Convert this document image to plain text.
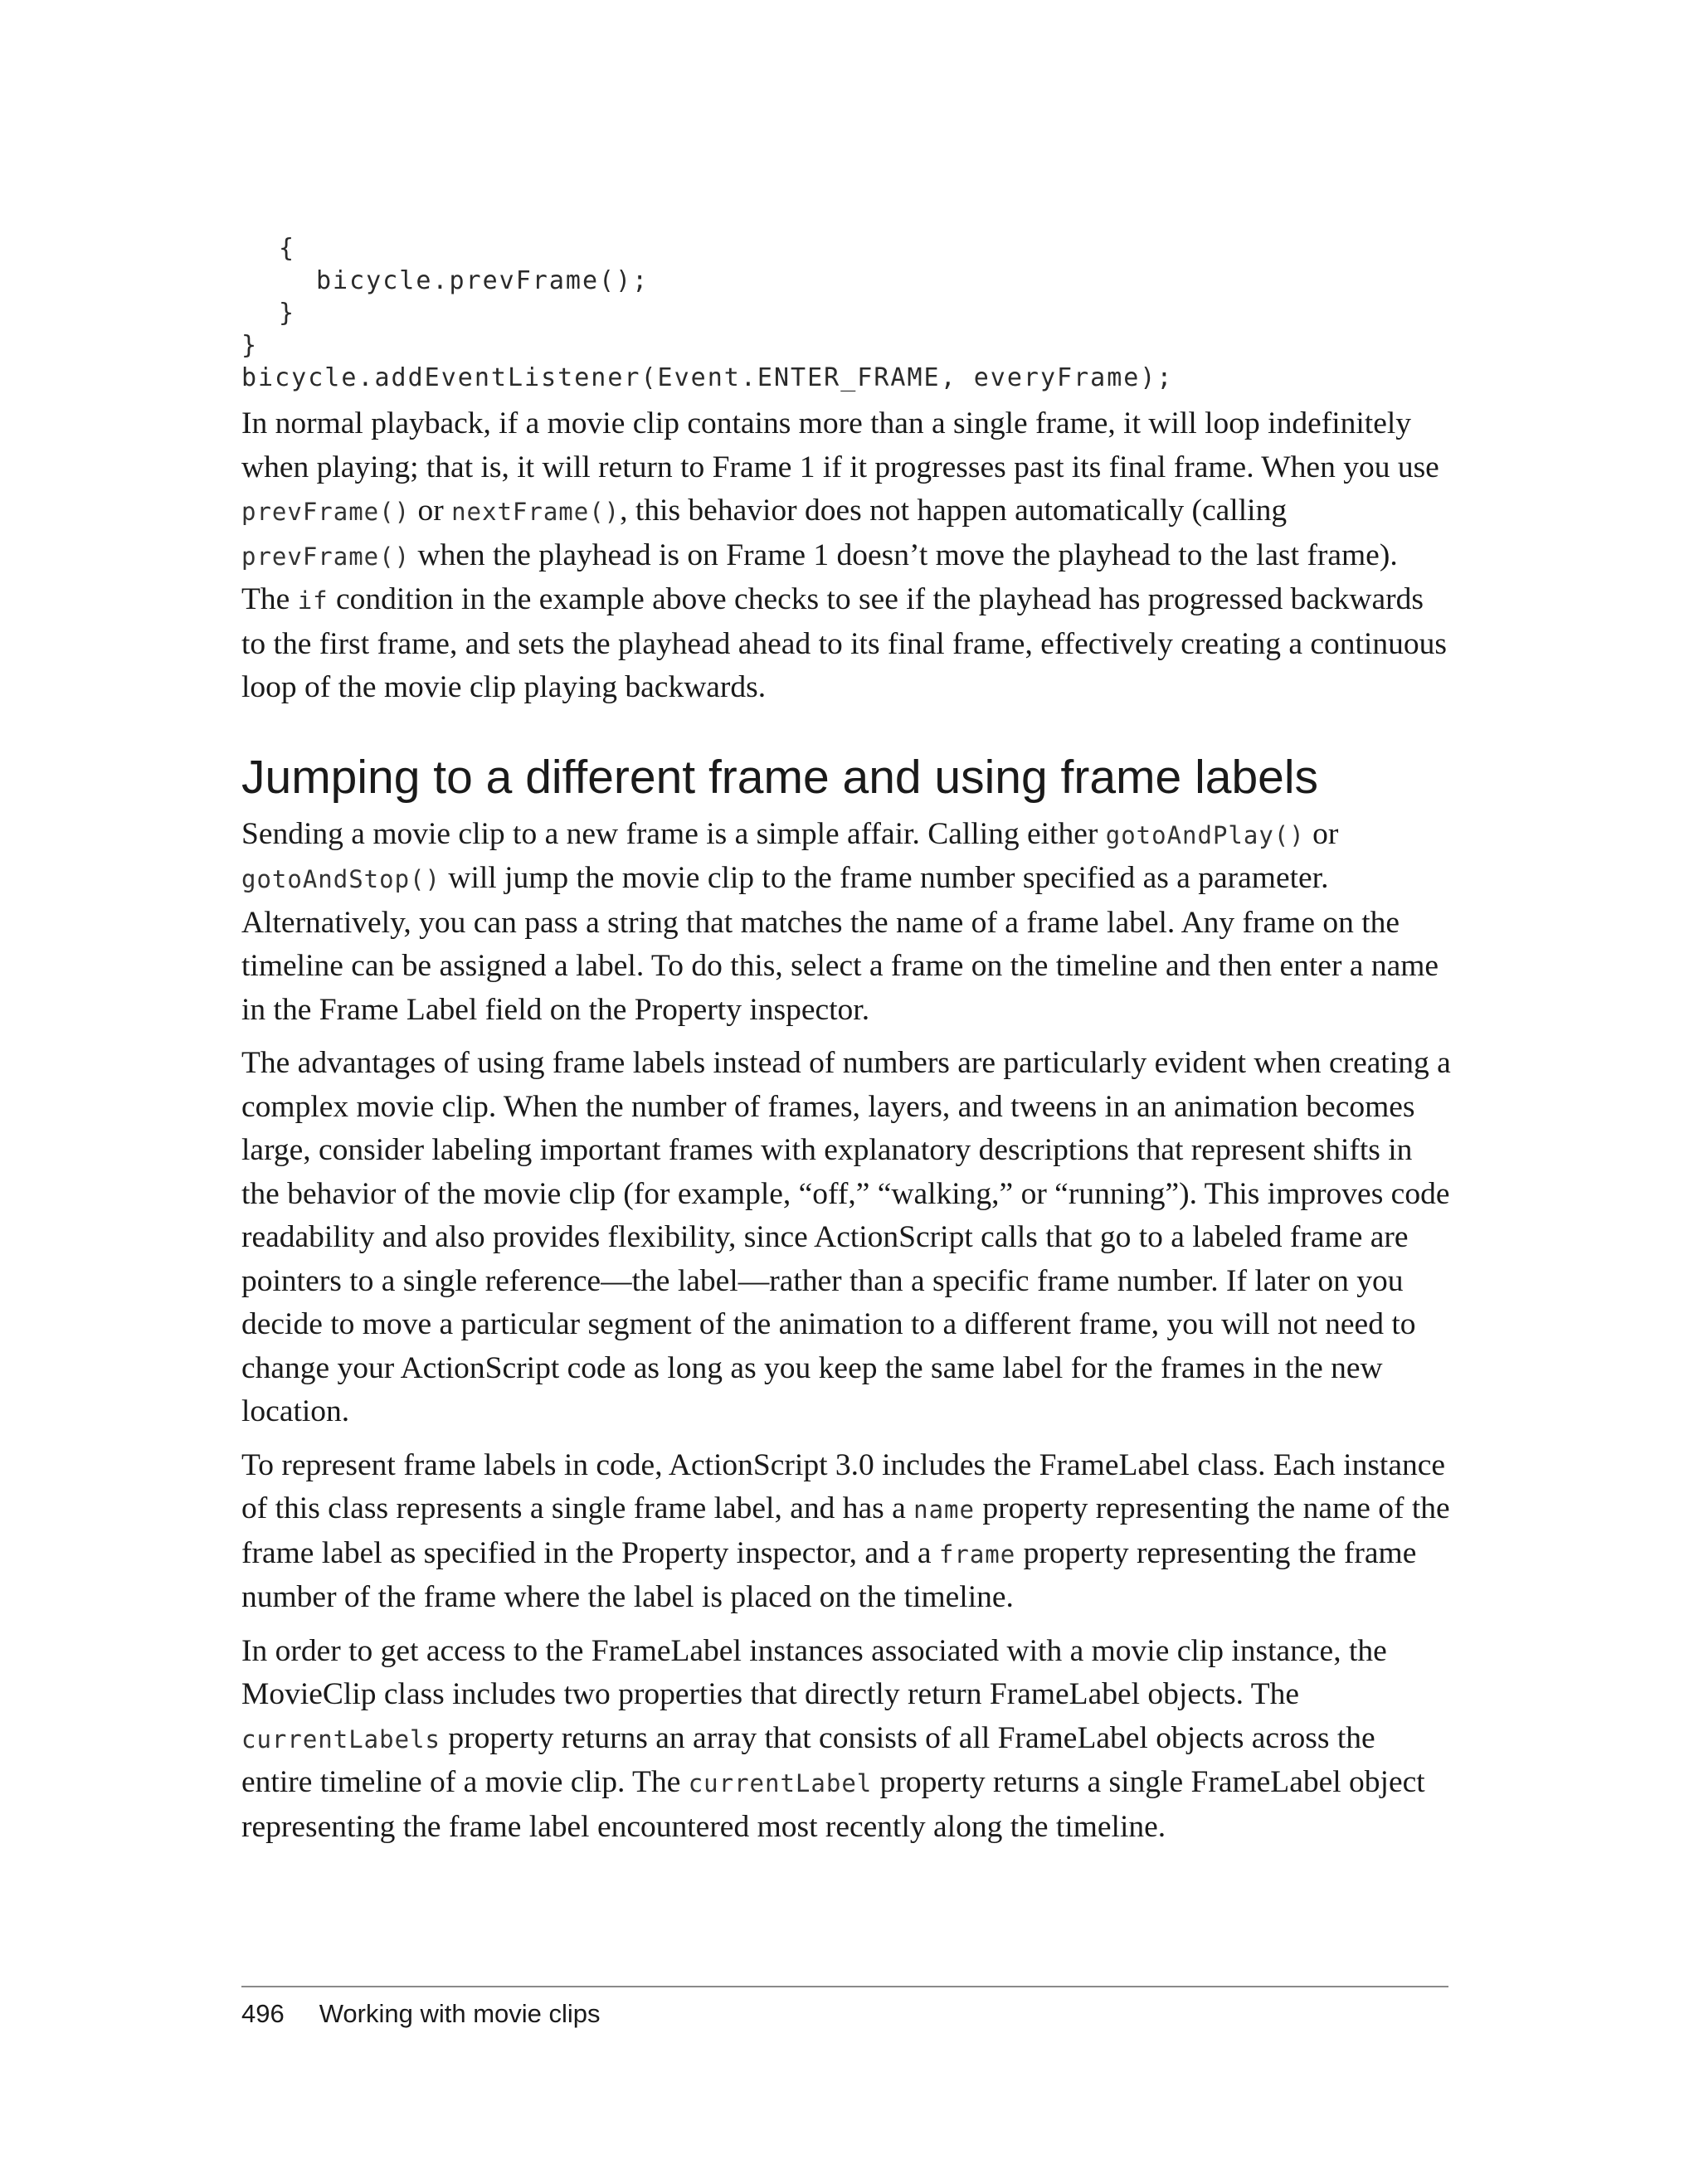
{
bicycle.prevFrame();
}
}
bicycle.addEventListener(Event.ENTER_FRAME, everyFrame);

In normal playback, if a movie clip contains more than a single frame, it will loop indefinitely when playing; that is, it will return to Frame 1 if it progresses past its final frame. When you use prevFrame() or nextFrame(), this behavior does not happen automatically (calling prevFrame() when the playhead is on Frame 1 doesn’t move the playhead to the last frame). The if condition in the example above checks to see if the playhead has progressed backwards to the first frame, and sets the playhead ahead to its final frame, effectively creating a continuous loop of the movie clip playing backwards.

Jumping to a different frame and using frame labels

Sending a movie clip to a new frame is a simple affair. Calling either gotoAndPlay() or gotoAndStop() will jump the movie clip to the frame number specified as a parameter. Alternatively, you can pass a string that matches the name of a frame label. Any frame on the timeline can be assigned a label. To do this, select a frame on the timeline and then enter a name in the Frame Label field on the Property inspector.

The advantages of using frame labels instead of numbers are particularly evident when creating a complex movie clip. When the number of frames, layers, and tweens in an animation becomes large, consider labeling important frames with explanatory descriptions that represent shifts in the behavior of the movie clip (for example, “off,” “walking,” or “running”). This improves code readability and also provides flexibility, since ActionScript calls that go to a labeled frame are pointers to a single reference—the label—rather than a specific frame number. If later on you decide to move a particular segment of the animation to a different frame, you will not need to change your ActionScript code as long as you keep the same label for the frames in the new location.

To represent frame labels in code, ActionScript 3.0 includes the FrameLabel class. Each instance of this class represents a single frame label, and has a name property representing the name of the frame label as specified in the Property inspector, and a frame property representing the frame number of the frame where the label is placed on the timeline.

In order to get access to the FrameLabel instances associated with a movie clip instance, the MovieClip class includes two properties that directly return FrameLabel objects. The currentLabels property returns an array that consists of all FrameLabel objects across the entire timeline of a movie clip. The currentLabel property returns a single FrameLabel object representing the frame label encountered most recently along the timeline.

496 Working with movie clips
